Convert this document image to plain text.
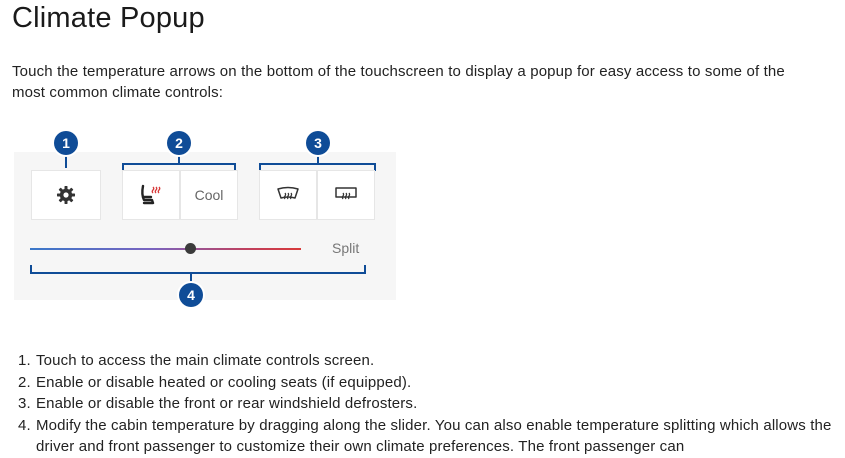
Climate Popup

Touch the temperature arrows on the bottom of the touchscreen to display a popup for easy access to some of the most common climate controls:

1	2	3
Cool
Split
4
1. Touch to access the main climate controls screen.
2. Enable or disable heated or cooling seats (if equipped).
3. Enable or disable the front or rear windshield defrosters.
4. Modify the cabin temperature by dragging along the slider. You can also enable temperature splitting which allows the driver and front passenger to customize their own climate preferences. The front passenger can
